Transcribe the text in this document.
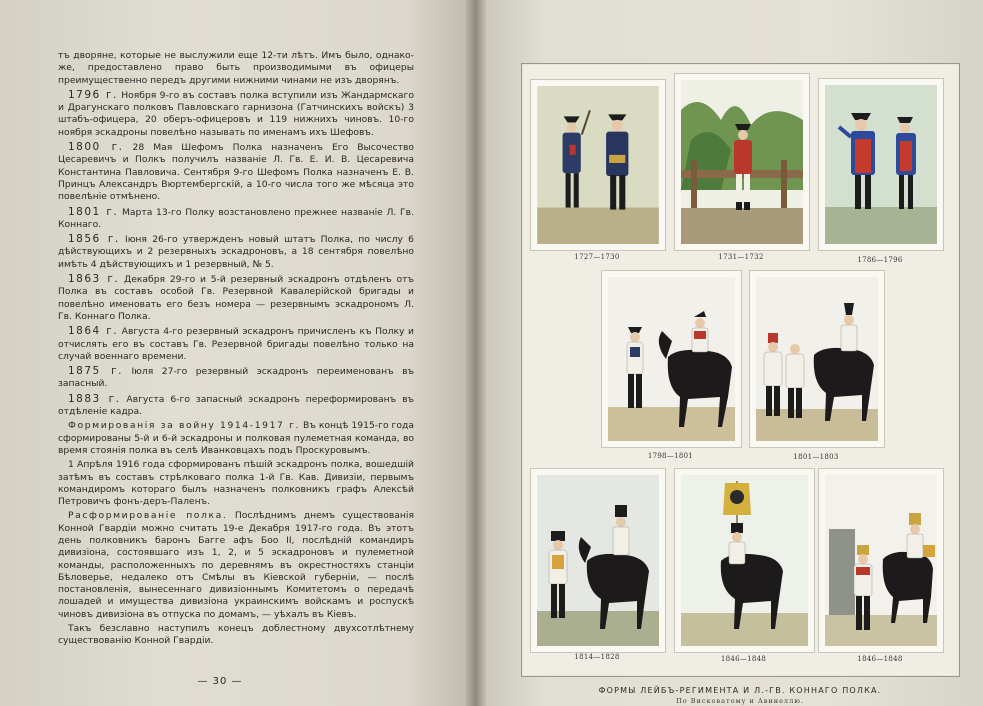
тъ дворяне, которые не выслужили еще 12-ти лѣтъ. Имъ было, однако-же, предоставлено право быть производимыми въ офицеры преимущественно передъ другими нижними чинами не изъ дворянъ.

1796 г. Ноября 9-го въ составъ полка вступили изъ Жандармскаго и Драгунскаго полковъ Павловскаго гарнизона (Гатчинскихъ войскъ) 3 штабъ-офицера, 20 оберъ-офицеровъ и 119 нижнихъ чиновъ. 10-го ноября эскадроны повелѣно называть по именамъ ихъ Шефовъ.

1800 г. 28 Мая Шефомъ Полка назначенъ Его Высочество Цесаревичъ и Полкъ получилъ названіе Л. Гв. Е. И. В. Цесаревича Константина Павловича. Сентября 9-го Шефомъ Полка назначенъ Е. В. Принцъ Александръ Вюртембергскій, а 10-го числа того же мѣсяца это повелѣніе отмѣнено.

1801 г. Марта 13-го Полку возстановлено прежнее названіе Л. Гв. Коннаго.

1856 г. Іюня 26-го утвержденъ новый штатъ Полка, по числу 6 дѣйствующихъ и 2 резервныхъ эскадроновъ, а 18 сентября повелѣно имѣть 4 дѣйствующихъ и 1 резервный, № 5.

1863 г. Декабря 29-го и 5-й резервный эскадронъ отдѣленъ отъ Полка въ составъ особой Гв. Резервной Кавалерійской бригады и повелѣно именовать его безъ номера — резервнымъ эскадрономъ Л. Гв. Коннаго Полка.

1864 г. Августа 4-го резервный эскадронъ причисленъ къ Полку и отчислять его въ составъ Гв. Резервной бригады повелѣно только на случай военнаго времени.

1875 г. Іюля 27-го резервный эскадронъ переименованъ въ запасный.

1883 г. Августа 6-го запасный эскадронъ переформированъ въ отдѣленіе кадра.

Формированія за войну 1914-1917 г. Въ концѣ 1915-го года сформированы 5-й и 6-й эскадроны и полковая пулеметная команда, во время стоянія полка въ селѣ Иванковцахъ подъ Проскуровымъ.

1 Апрѣля 1916 года сформированъ пѣшій эскадронъ полка, вошедшій затѣмъ въ составъ стрѣлковаго полка 1-й Гв. Кав. Дивизіи, первымъ командиромъ котораго былъ назначенъ полковникъ графъ Алексѣй Петровичъ фонъ-деръ-Паленъ.

Расформированіе полка. Послѣднимъ днемъ существованія Конной Гвардіи можно считать 19-е Декабря 1917-го года. Въ этотъ день полковникъ баронъ Багге афъ Боо II, послѣдній командиръ дивизіона, состоявшаго изъ 1, 2, и 5 эскадроновъ и пулеметной команды, расположенныхъ по деревнямъ въ окрестностяхъ станціи Бѣловерье, недалеко отъ Смѣлы въ Кіевской губерніи, — послѣ постановленія, вынесеннаго дивизіоннымъ Комитетомъ о передачѣ лошадей и имущества дивизіона украинскимъ войскамъ и роспускѣ чиновъ дивизіона въ отпуска по домамъ, — уѣхалъ въ Кіевъ.

Такъ безславно наступилъ конецъ доблестному двухсотлѣтнему существованію Конной Гвардіи.

— 30 —
1727—1730	1731—1732	1786—1796
1798—1801	1801—1803
1814—1828	1846—1848	1846—1848
ФОРМЫ ЛЕЙБЪ-РЕГИМЕНТА И Л.-ГВ. КОННАГО ПОЛКА.
По Висковатому и Авинеллю.
